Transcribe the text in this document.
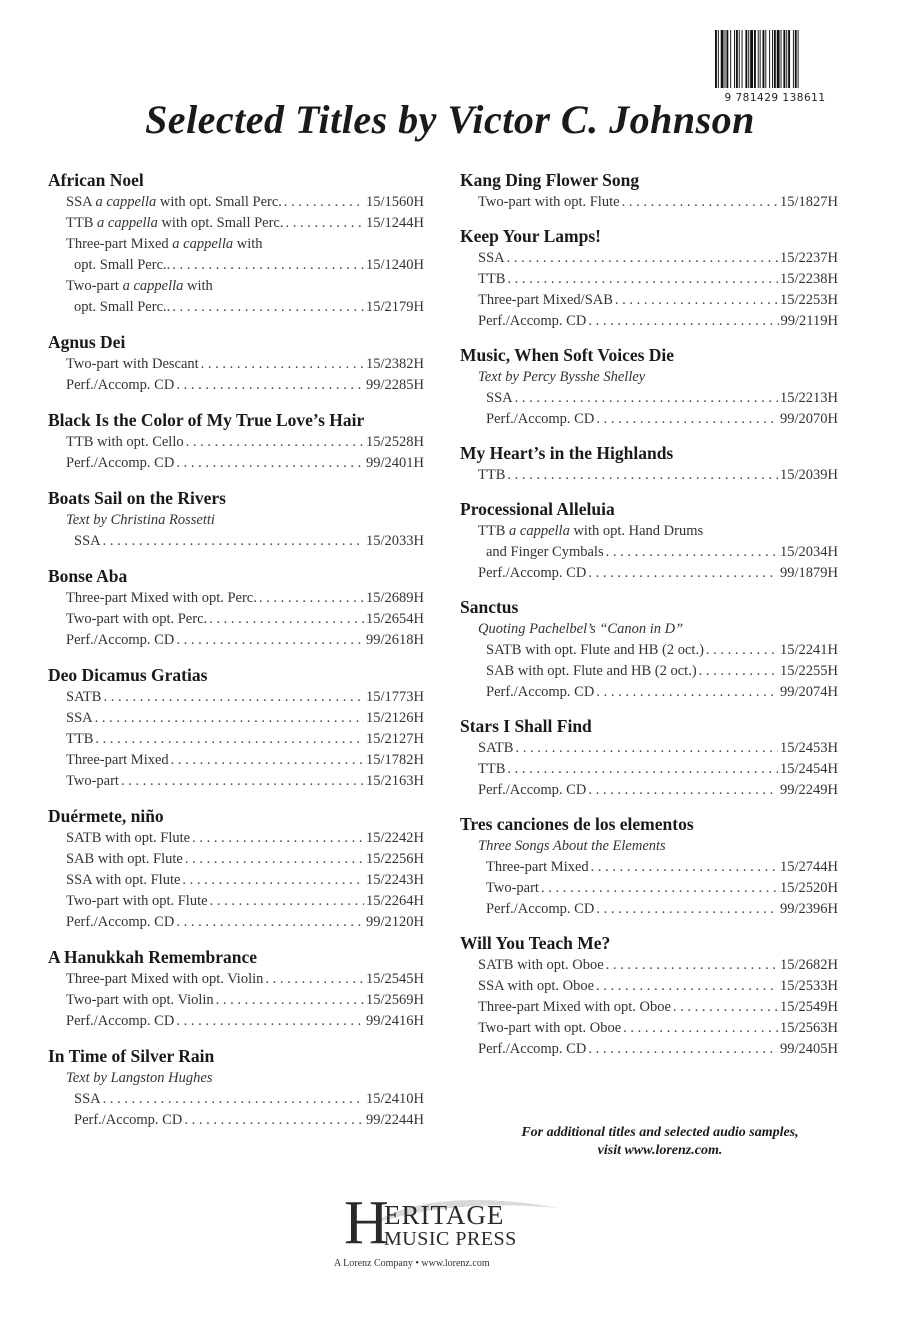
9 781429 138611
Selected Titles by Victor C. Johnson
African Noel
SSA a cappella with opt. Small Perc. . . .	15/1560H
TTB a cappella with opt. Small Perc. . . .	15/1244H
Three-part Mixed a cappella with
opt. Small Perc.. . . .	15/1240H
Two-part a cappella with
opt. Small Perc.. . . .	15/2179H
Agnus Dei
Two-part with Descant . . .	15/2382H
Perf./Accomp. CD . . .	99/2285H
Black Is the Color of My True Love’s Hair
TTB with opt. Cello . . .	15/2528H
Perf./Accomp. CD . . .	99/2401H
Boats Sail on the Rivers
Text by Christina Rossetti
SSA . . .	15/2033H
Bonse Aba
Three-part Mixed with opt. Perc. . . .	15/2689H
Two-part with opt. Perc. . . .	15/2654H
Perf./Accomp. CD . . .	99/2618H
Deo Dicamus Gratias
SATB . . .	15/1773H
SSA . . .	15/2126H
TTB . . .	15/2127H
Three-part Mixed . . .	15/1782H
Two-part . . .	15/2163H
Duérmete, niño
SATB with opt. Flute . . .	15/2242H
SAB with opt. Flute . . .	15/2256H
SSA with opt. Flute . . .	15/2243H
Two-part with opt. Flute . . .	15/2264H
Perf./Accomp. CD . . .	99/2120H
A Hanukkah Remembrance
Three-part Mixed with opt. Violin . . .	15/2545H
Two-part with opt. Violin . . .	15/2569H
Perf./Accomp. CD . . .	99/2416H
In Time of Silver Rain
Text by Langston Hughes
SSA . . .	15/2410H
Perf./Accomp. CD . . .	99/2244H
Kang Ding Flower Song
Two-part with opt. Flute . . .	15/1827H
Keep Your Lamps!
SSA . . .	15/2237H
TTB . . .	15/2238H
Three-part Mixed/SAB . . .	15/2253H
Perf./Accomp. CD . . .	99/2119H
Music, When Soft Voices Die
Text by Percy Bysshe Shelley
SSA . . .	15/2213H
Perf./Accomp. CD . . .	99/2070H
My Heart’s in the Highlands
TTB . . .	15/2039H
Processional Alleluia
TTB a cappella with opt. Hand Drums
and Finger Cymbals . . .	15/2034H
Perf./Accomp. CD . . .	99/1879H
Sanctus
Quoting Pachelbel’s “Canon in D”
SATB with opt. Flute and HB (2 oct.) . . .	15/2241H
SAB with opt. Flute and HB (2 oct.) . . .	15/2255H
Perf./Accomp. CD . . .	99/2074H
Stars I Shall Find
SATB . . .	15/2453H
TTB . . .	15/2454H
Perf./Accomp. CD . . .	99/2249H
Tres canciones de los elementos
Three Songs About the Elements
Three-part Mixed . . .	15/2744H
Two-part . . .	15/2520H
Perf./Accomp. CD . . .	99/2396H
Will You Teach Me?
SATB with opt. Oboe . . .	15/2682H
SSA with opt. Oboe . . .	15/2533H
Three-part Mixed with opt. Oboe . . .	15/2549H
Two-part with opt. Oboe . . .	15/2563H
Perf./Accomp. CD . . .	99/2405H
For additional titles and selected audio samples,
visit www.lorenz.com.
H
ERITAGE
MUSIC PRESS
A Lorenz Company • www.lorenz.com
